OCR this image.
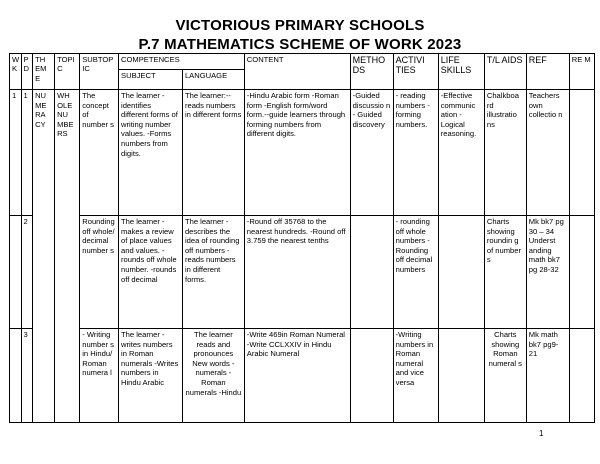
VICTORIOUS PRIMARY SCHOOLS
P.7 MATHEMATICS SCHEME OF WORK 2023
W K	P D	TH EM E	TOPI C	SUBTOP IC	COMPETENCES		CONTENT	METHO DS	ACTIVI TIES	LIFE SKILLS	T/L AIDS	REF	RE M
					SUBJECT	LANGUAGE							
1	1	NU ME RA CY	WH OLE NU MBE RS	The concept of number s	The learner -identifies different forms of writing number values. -Forms numbers from digits.	The learner:-- reads numbers in different forms	-Hindu Arabic form -Roman form -English form/word form.--guide learners through forming numbers from different digits.	-Guided discussio n - Guided discovery	- reading numbers -forming numbers.	-Effective communic ation -Logical reasoning.	Chalkboa rd illustratio ns	Teachers own collectio n	
	2			Rounding off whole/ decimal number s	The learner -makes a review of place values and values. -rounds off whole number. -rounds off decimal	The learner -describes the idea of rounding off numbers -reads numbers in different forms.	-Round off 35768 to the nearest hundreds. -Round off 3.759 the nearest tenths		- rounding off whole numbers - Rounding off decimal numbers		Charts showing roundin g of number s	Mk bk7 pg 30 – 34 Underst anding math bk7 pg 28-32	
	3			- Writing number s in Hindu/ Roman numera l	The learner -writes numbers in Roman numerals -Writes numbers in Hindu Arabic	The learner reads and pronounces New words -numerals -Roman numerals -Hindu	-Write 469in Roman Numeral -Write CCLXXIV in Hindu Arabic Numeral		-Writing numbers in Roman numeral and vice versa		Charts showing Roman numeral s	Mk math bk7 pg9- 21	
1
